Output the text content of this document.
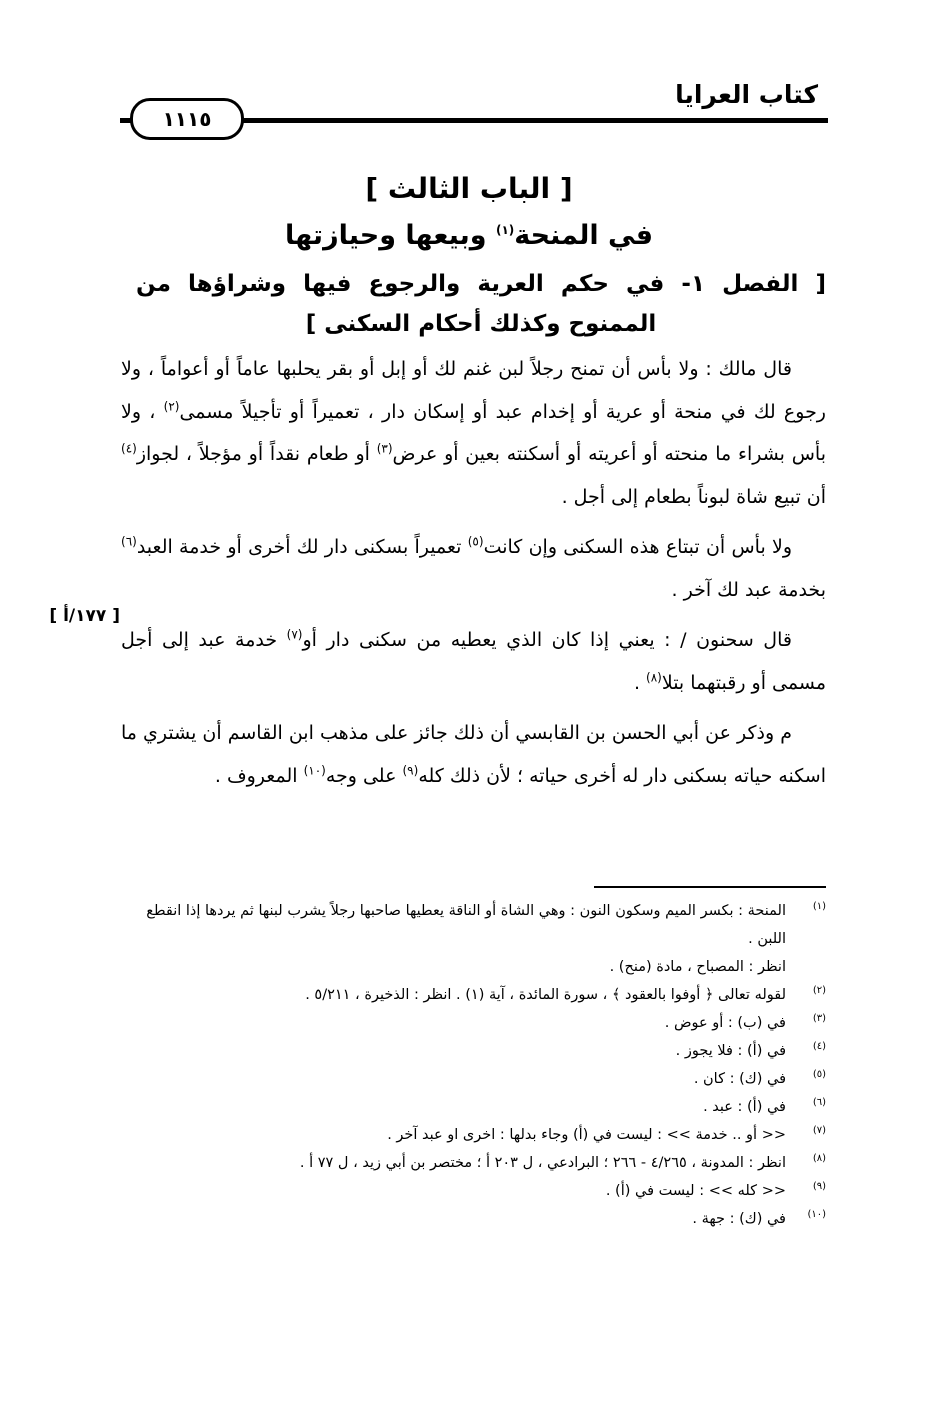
كتاب العرايا
١١١٥
[ الباب الثالث ]
في المنحة$^{(١)}$ وبيعها وحيازتها
[ الفصل ١- في حكم العرية والرجوع فيها وشراؤها من الممنوح وكذلك أحكام السكنى ]
[ ١٧٧/أ ]

قال مالك : ولا بأس أن تمنح رجلاً لبن غنم لك أو إبل أو بقر يحلبها عاماً أو أعواماً ، ولا رجوع لك في منحة أو عرية أو إخدام عبد أو إسكان دار ، تعميراً أو تأجيلاً مسمى$^{(٢)}$ ، ولا بأس بشراء ما منحته أو أعريته أو أسكنته بعين أو عرض$^{(٣)}$ أو طعام نقداً أو مؤجلاً ، لجواز$^{(٤)}$ أن تبيع شاة لبوناً بطعام إلى أجل .

ولا بأس أن تبتاع هذه السكنى وإن كانت$^{(٥)}$ تعميراً بسكنى دار لك أخرى أو خدمة العبد$^{(٦)}$ بخدمة عبد لك آخر .

قال سحنون / : يعني إذا كان الذي يعطيه من سكنى دار أو$^{(٧)}$ خدمة عبد إلى أجل مسمى أو رقبتهما بتلا$^{(٨)}$ .

م وذكر عن أبي الحسن بن القابسي أن ذلك جائز على مذهب ابن القاسم أن يشتري ما اسكنه حياته بسكنى دار له أخرى حياته ؛ لأن ذلك كله$^{(٩)}$ على وجه$^{(١٠)}$ المعروف .

(١)
المنحة : بكسر الميم وسكون النون : وهي الشاة أو الناقة يعطيها صاحبها رجلاً يشرب لبنها ثم يردها إذا انقطع اللبن .
انظر : المصباح ، مادة (منح) .
(٢)
لقوله تعالى ﴿ أوفوا بالعقود ﴾ ، سورة المائدة ، آية (١) . انظر : الذخيرة ، ٥/٢١١ .
(٣)
في (ب) : أو عوض .
(٤)
في (أ) : فلا يجوز .
(٥)
في (ك) : كان .
(٦)
في (أ) : عبد .
(٧)
<< أو .. خدمة >> : ليست في (أ) وجاء بدلها : اخرى او عبد آخر .
(٨)
انظر : المدونة ، ٤/٢٦٥ - ٢٦٦ ؛ البرادعي ، ل ٢٠٣ أ ؛ مختصر بن أبي زيد ، ل ٧٧ أ .
(٩)
<< كله >> : ليست في (أ) .
(١٠)
في (ك) : جهة .
